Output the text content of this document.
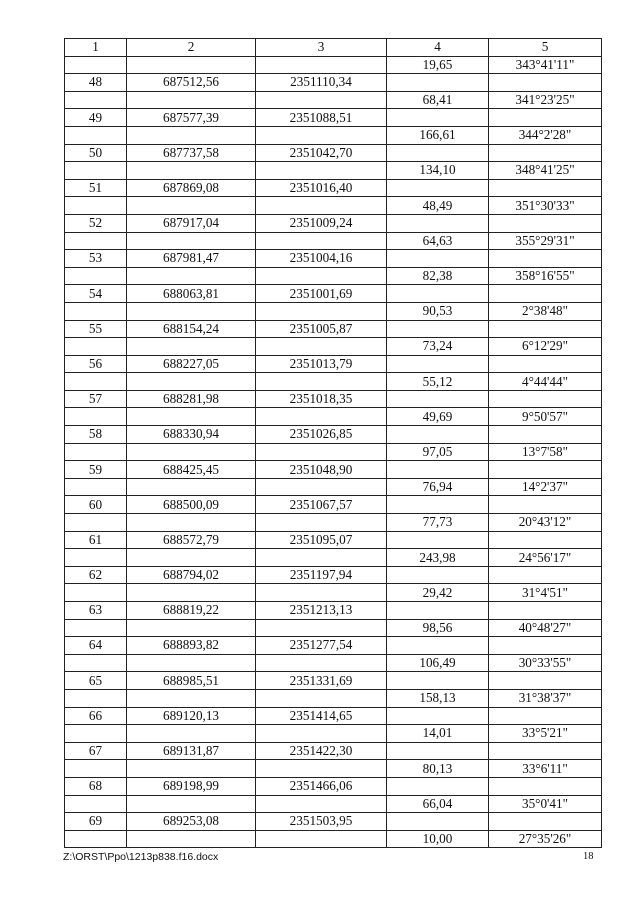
1	2	3	4	5
			19,65	343°41'11"
48	687512,56	2351110,34		
			68,41	341°23'25"
49	687577,39	2351088,51		
			166,61	344°2'28"
50	687737,58	2351042,70		
			134,10	348°41'25"
51	687869,08	2351016,40		
			48,49	351°30'33"
52	687917,04	2351009,24		
			64,63	355°29'31"
53	687981,47	2351004,16		
			82,38	358°16'55"
54	688063,81	2351001,69		
			90,53	2°38'48"
55	688154,24	2351005,87		
			73,24	6°12'29"
56	688227,05	2351013,79		
			55,12	4°44'44"
57	688281,98	2351018,35		
			49,69	9°50'57"
58	688330,94	2351026,85		
			97,05	13°7'58"
59	688425,45	2351048,90		
			76,94	14°2'37"
60	688500,09	2351067,57		
			77,73	20°43'12"
61	688572,79	2351095,07		
			243,98	24°56'17"
62	688794,02	2351197,94		
			29,42	31°4'51"
63	688819,22	2351213,13		
			98,56	40°48'27"
64	688893,82	2351277,54		
			106,49	30°33'55"
65	688985,51	2351331,69		
			158,13	31°38'37"
66	689120,13	2351414,65		
			14,01	33°5'21"
67	689131,87	2351422,30		
			80,13	33°6'11"
68	689198,99	2351466,06		
			66,04	35°0'41"
69	689253,08	2351503,95		
			10,00	27°35'26"
Z:\ORST\Ppo\1213p838.f16.docx	18
